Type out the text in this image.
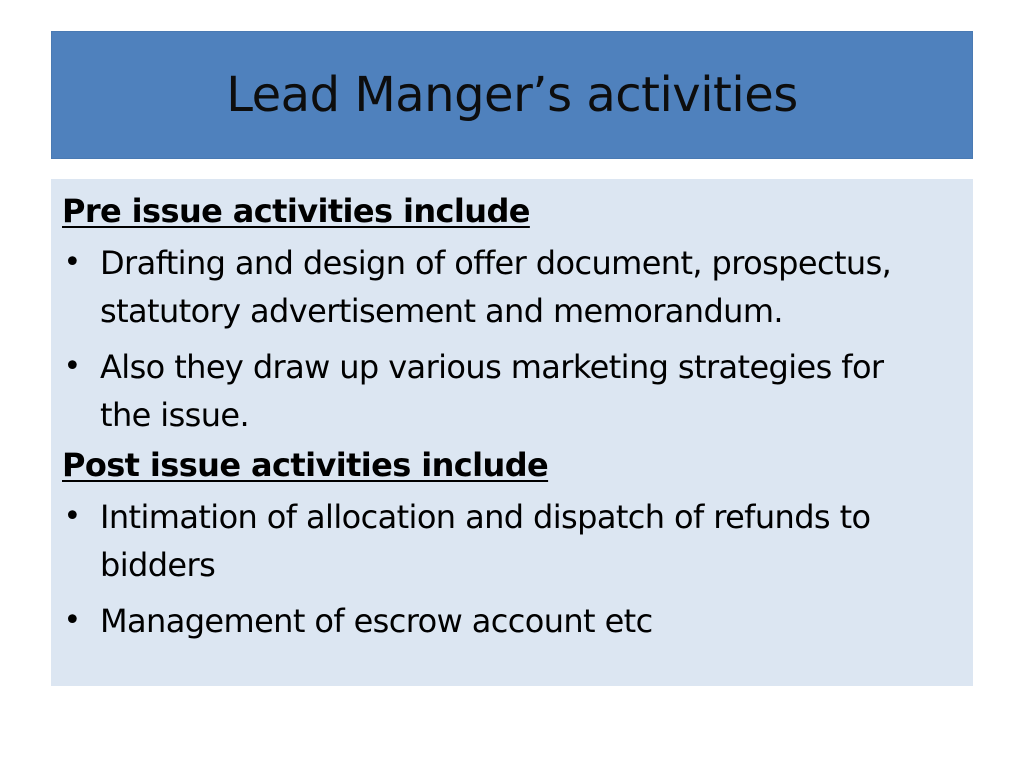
Lead Manger’s activities
Pre issue activities include
• Drafting and design of offer document, prospectus, statutory advertisement and memorandum.
• Also they draw up various marketing strategies for the issue.
Post issue activities include
• Intimation of allocation and dispatch of refunds to bidders
• Management of escrow account etc
